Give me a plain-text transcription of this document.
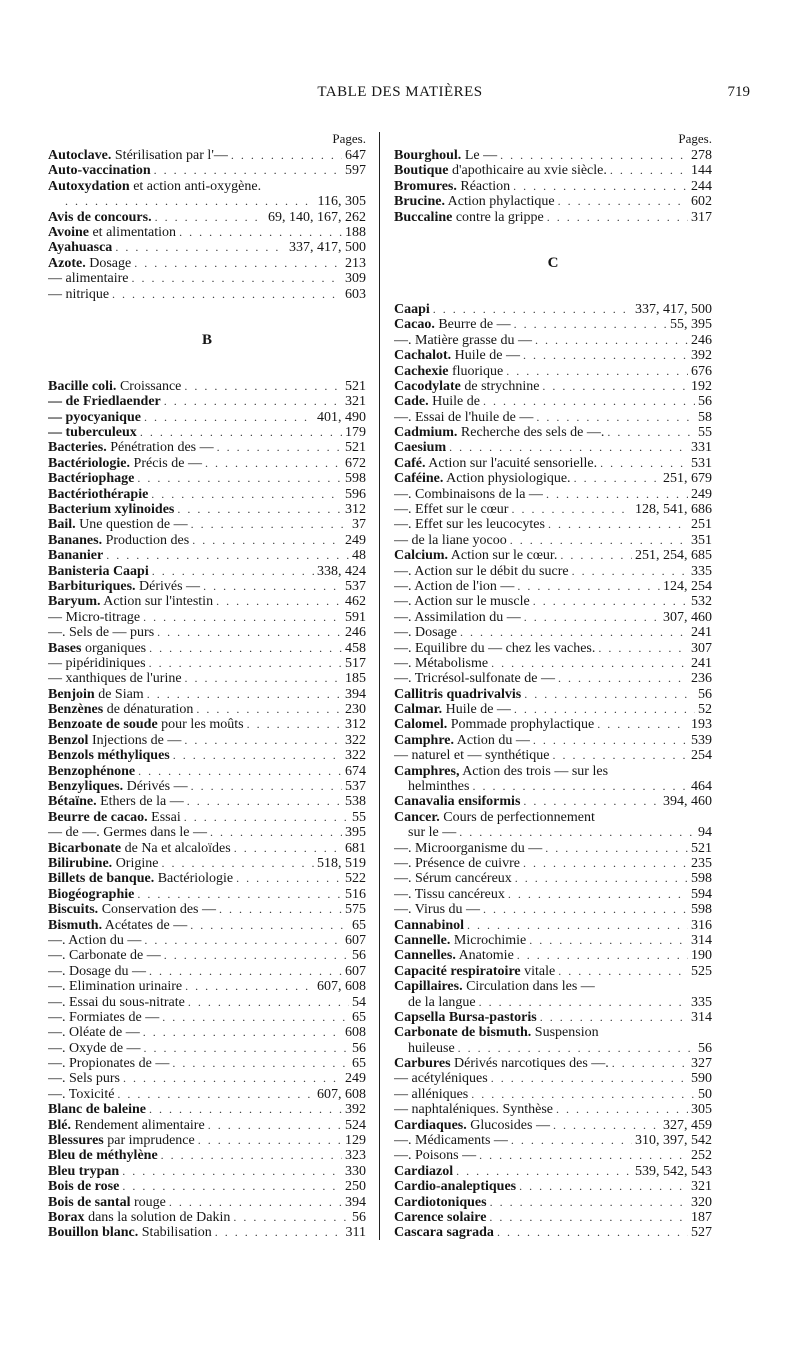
TABLE DES MATIÈRES	719
Pages.
Autoclave. Stérilisation par l'— . . .	647
Auto-vaccination . . .	597
Autoxydation et action anti-oxygène.
. . .
116, 305
Avis de concours. . . .	69, 140, 167, 262
Avoine et alimentation . . .	188
Ayahuasca . . .	337, 417, 500
Azote. Dosage . . .	213
— alimentaire . . .	309
— nitrique . . .	603
B
Bacille coli. Croissance . . .	521
— de Friedlaender . . .	321
— pyocyanique . . .	401, 490
— tuberculeux . . .	179
Bacteries. Pénétration des — . . .	521
Bactériologie. Précis de — . . .	672
Bactériophage . . .	598
Bactériothérapie . . .	596
Bacterium xylinoides . . .	312
Bail. Une question de — . . .	37
Bananes. Production des . . .	249
Bananier . . .	48
Banisteria Caapi . . .	338, 424
Barbituriques. Dérivés — . . .	537
Baryum. Action sur l'intestin . . .	462
— Micro-titrage . . .	591
—. Sels de — purs . . .	246
Bases organiques . . .	458
— pipéridiniques . . .	517
— xanthiques de l'urine . . .	185
Benjoin de Siam . . .	394
Benzènes de dénaturation . . .	230
Benzoate de soude pour les moûts . . .	312
Benzol Injections de — . . .	322
Benzols méthyliques . . .	322
Benzophénone . . .	674
Benzyliques. Dérivés — . . .	537
Bétaïne. Ethers de la — . . .	538
Beurre de cacao. Essai . . .	55
— de —. Germes dans le — . . .	395
Bicarbonate de Na et alcaloïdes . . .	681
Bilirubine. Origine . . .	518, 519
Billets de banque. Bactériologie . . .	522
Biogéographie . . .	516
Biscuits. Conservation des — . . .	575
Bismuth. Acétates de — . . .	65
—. Action du — . . .	607
—. Carbonate de — . . .	56
—. Dosage du — . . .	607
—. Elimination urinaire . . .	607, 608
—. Essai du sous-nitrate . . .	54
—. Formiates de — . . .	65
—. Oléate de — . . .	608
—. Oxyde de — . . .	56
—. Propionates de — . . .	65
—. Sels purs . . .	249
—. Toxicité . . .	607, 608
Blanc de baleine . . .	392
Blé. Rendement alimentaire . . .	524
Blessures par imprudence . . .	129
Bleu de méthylène . . .	323
Bleu trypan . . .	330
Bois de rose . . .	250
Bois de santal rouge . . .	394
Borax dans la solution de Dakin . . .	56
Bouillon blanc. Stabilisation . . .	311
Pages.
Bourghoul. Le — . . .	278
Boutique d'apothicaire au xvie siècle. . . .	144
Bromures. Réaction . . .	244
Brucine. Action phylactique . . .	602
Buccaline contre la grippe . . .	317
C
Caapi . . .	337, 417, 500
Cacao. Beurre de — . . .	55, 395
—. Matière grasse du — . . .	246
Cachalot. Huile de — . . .	392
Cachexie fluorique . . .	676
Cacodylate de strychnine . . .	192
Cade. Huile de . . .	56
—. Essai de l'huile de — . . .	58
Cadmium. Recherche des sels de —. . . .	55
Caesium . . .	331
Café. Action sur l'acuité sensorielle. . . .	531
Caféine. Action physiologique. . . .	251, 679
—. Combinaisons de la — . . .	249
—. Effet sur le cœur . . .	128, 541, 686
—. Effet sur les leucocytes . . .	251
— de la liane yocoo . . .	351
Calcium. Action sur le cœur. . . .	251, 254, 685
—. Action sur le débit du sucre . . .	335
—. Action de l'ion — . . .	124, 254
—. Action sur le muscle . . .	532
—. Assimilation du — . . .	307, 460
—. Dosage . . .	241
—. Equilibre du — chez les vaches. . . .	307
—. Métabolisme . . .	241
—. Tricrésol-sulfonate de — . . .	236
Callitris quadrivalvis . . .	56
Calmar. Huile de — . . .	52
Calomel. Pommade prophylactique . . .	193
Camphre. Action du — . . .	539
— naturel et — synthétique . . .	254
Camphres, Action des trois — sur les
helminthes . . .	464
Canavalia ensiformis . . .	394, 460
Cancer. Cours de perfectionnement
sur le — . . .	94
—. Microorganisme du — . . .	521
—. Présence de cuivre . . .	235
—. Sérum cancéreux . . .	598
—. Tissu cancéreux . . .	594
—. Virus du — . . .	598
Cannabinol . . .	316
Cannelle. Microchimie . . .	314
Cannelles. Anatomie . . .	190
Capacité respiratoire vitale . . .	525
Capillaires. Circulation dans les —
de la langue . . .	335
Capsella Bursa-pastoris . . .	314
Carbonate de bismuth. Suspension
huileuse . . .	56
Carbures Dérivés narcotiques des —. . . .	327
— acétyléniques . . .	590
— alléniques . . .	50
— naphtaléniques. Synthèse . . .	305
Cardiaques. Glucosides — . . .	327, 459
—. Médicaments — . . .	310, 397, 542
—. Poisons — . . .	252
Cardiazol . . .	539, 542, 543
Cardio-analeptiques . . .	321
Cardiotoniques . . .	320
Carence solaire . . .	187
Cascara sagrada . . .	527
